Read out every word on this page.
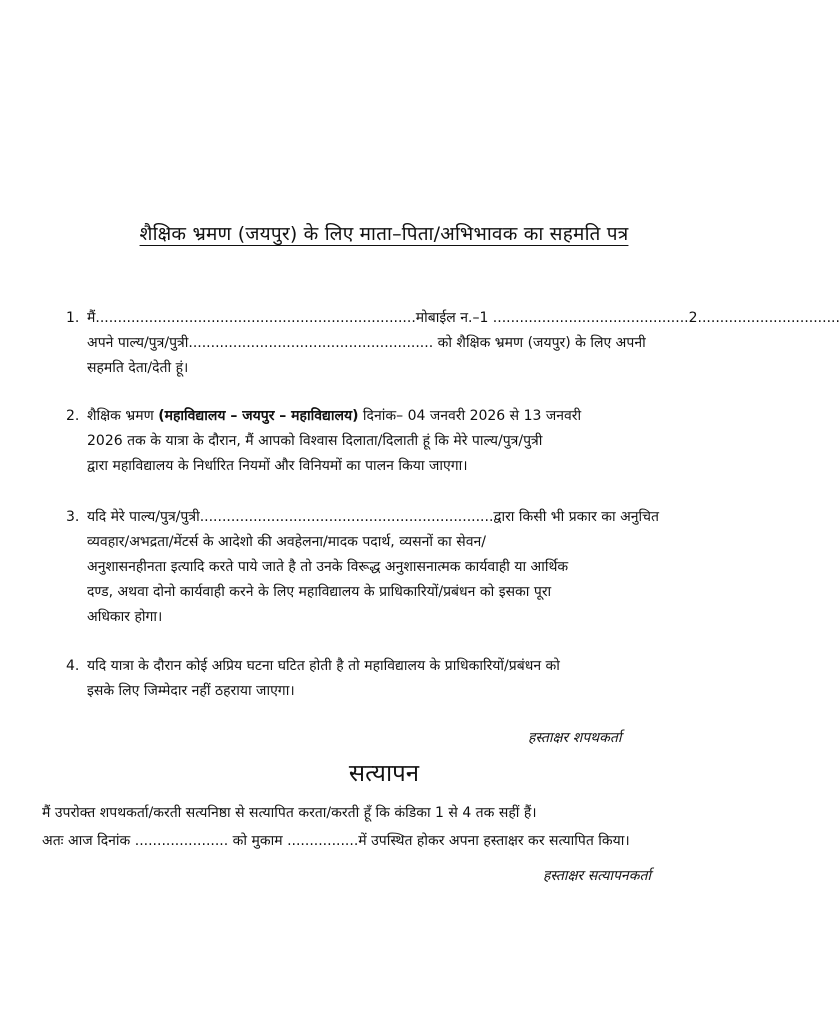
शैक्षिक भ्रमण (जयपुर) के लिए माता–पिता/अभिभावक का सहमति पत्र
1. मैं........................................................................मोबाईल न.–1 ............................................2................................
अपने पाल्य/पुत्र/पुत्री....................................................... को शैक्षिक भ्रमण (जयपुर) के लिए अपनी
सहमति देता/देती हूं।
2. शैक्षिक भ्रमण (महाविद्यालय – जयपुर – महाविद्यालय) दिनांक– 04 जनवरी 2026 से 13 जनवरी
2026 तक के यात्रा के दौरान, मैं आपको विश्वास दिलाता/दिलाती हूं कि मेरे पाल्य/पुत्र/पुत्री
द्वारा महाविद्यालय के निर्धारित नियमों और विनियमों का पालन किया जाएगा।
3. यदि मेरे पाल्य/पुत्र/पुत्री..................................................................द्वारा किसी भी प्रकार का अनुचित
व्यवहार/अभद्रता/मेंटर्स के आदेशो की अवहेलना/मादक पदार्थ, व्यसनों का सेवन/
अनुशासनहीनता इत्यादि करते पाये जाते है तो उनके विरूद्ध अनुशासनात्मक कार्यवाही या आर्थिक
दण्ड, अथवा दोनो कार्यवाही करने के लिए महाविद्यालय के प्राधिकारियों/प्रबंधन को इसका पूरा
अधिकार होगा।
4. यदि यात्रा के दौरान कोई अप्रिय घटना घटित होती है तो महाविद्यालय के प्राधिकारियों/प्रबंधन को
इसके लिए जिम्मेदार नहीं ठहराया जाएगा।
हस्ताक्षर शपथकर्ता
सत्यापन
मैं उपरोक्त शपथकर्ता/करती सत्यनिष्ठा से सत्यापित करता/करती हूँ कि कंडिका 1 से 4 तक सहीं हैं।
अतः आज दिनांक ..................... को मुकाम ................में उपस्थित होकर अपना हस्ताक्षर कर सत्यापित किया।
हस्ताक्षर सत्यापनकर्ता
